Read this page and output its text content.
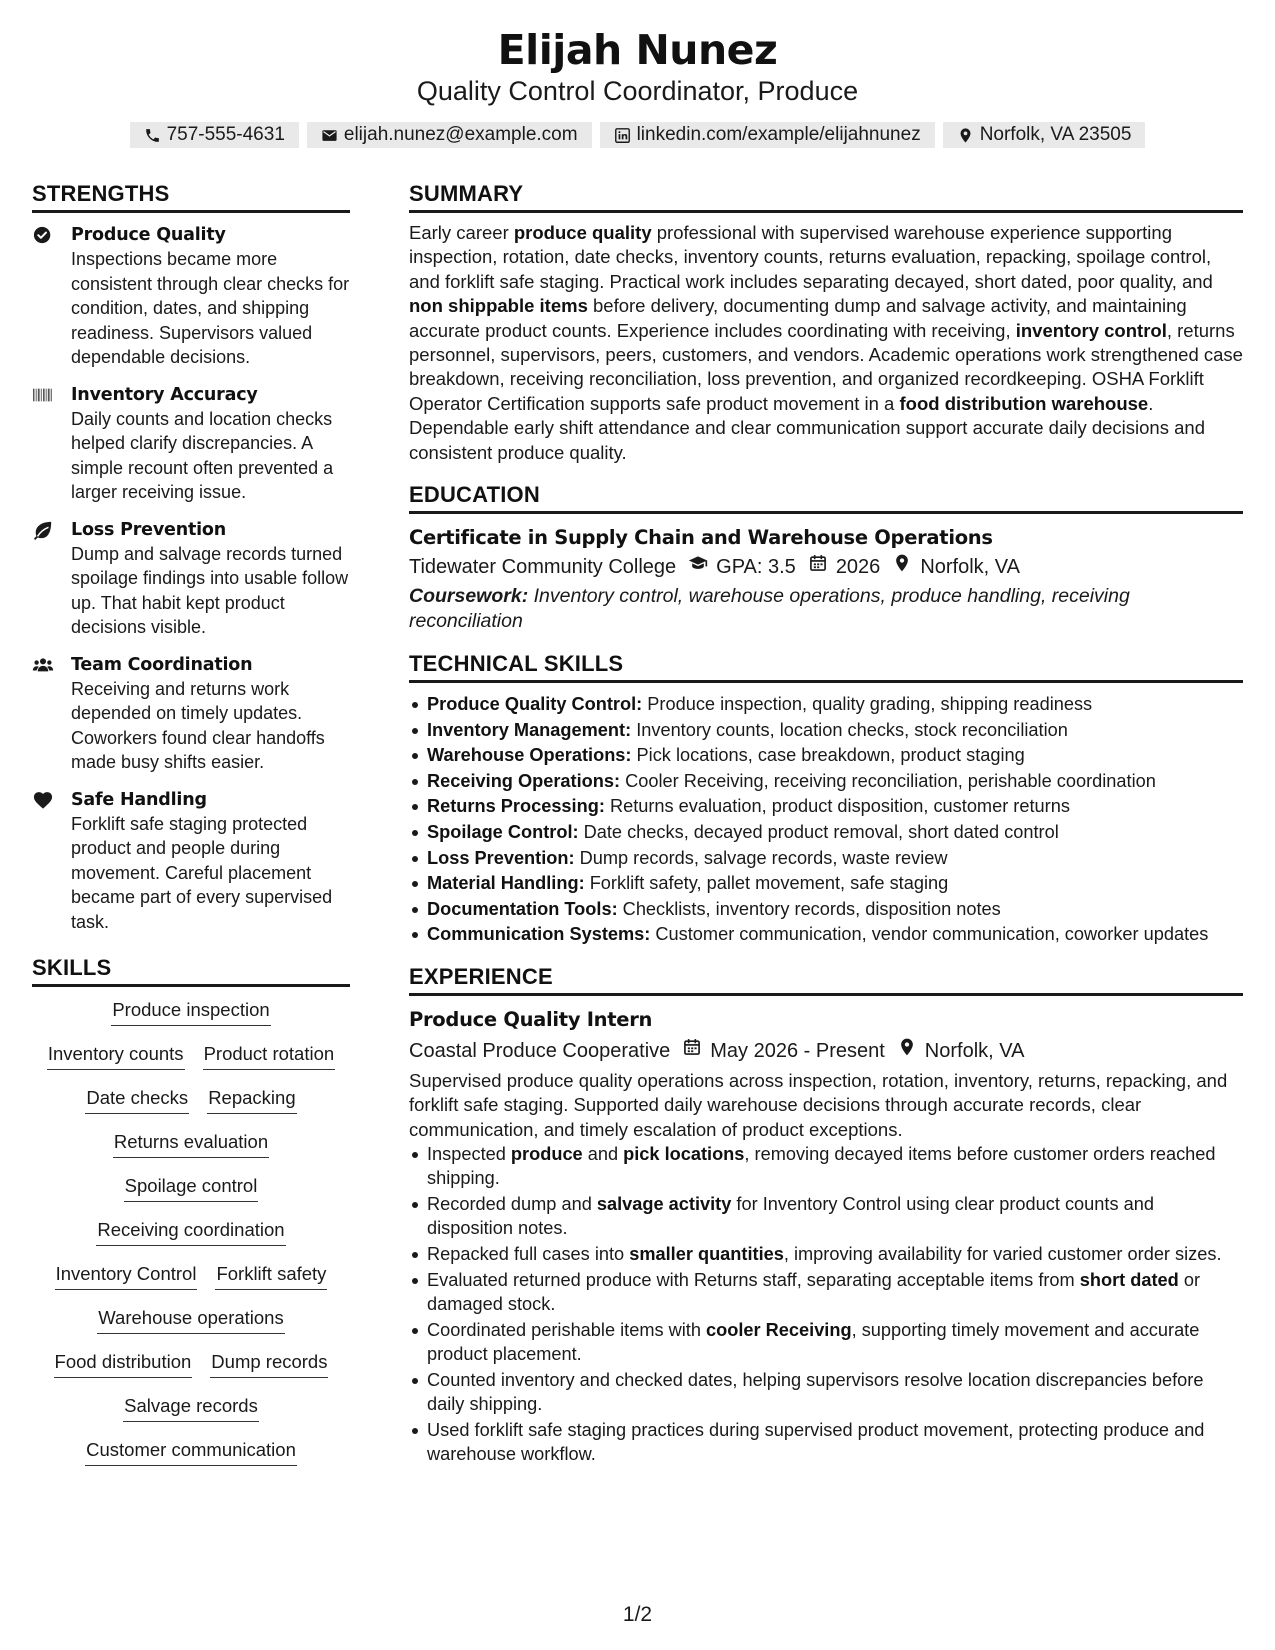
Elijah Nunez
Quality Control Coordinator, Produce
757-555-4631	elijah.nunez@example.com	linkedin.com/example/elijahnunez	Norfolk, VA 23505
STRENGTHS
Produce Quality
Inspections became more consistent through clear checks for condition, dates, and shipping readiness. Supervisors valued dependable decisions.
Inventory Accuracy
Daily counts and location checks helped clarify discrepancies. A simple recount often prevented a larger receiving issue.
Loss Prevention
Dump and salvage records turned spoilage findings into usable follow up. That habit kept product decisions visible.
Team Coordination
Receiving and returns work depended on timely updates. Coworkers found clear handoffs made busy shifts easier.
Safe Handling
Forklift safe staging protected product and people during movement. Careful placement became part of every supervised task.
SKILLS
Produce inspection
Inventory counts Product rotation
Date checks Repacking
Returns evaluation
Spoilage control
Receiving coordination
Inventory Control Forklift safety
Warehouse operations
Food distribution Dump records
Salvage records
Customer communication
SUMMARY
Early career produce quality professional with supervised warehouse experience supporting inspection, rotation, date checks, inventory counts, returns evaluation, repacking, spoilage control, and forklift safe staging. Practical work includes separating decayed, short dated, poor quality, and non shippable items before delivery, documenting dump and salvage activity, and maintaining accurate product counts. Experience includes coordinating with receiving, inventory control, returns personnel, supervisors, peers, customers, and vendors. Academic operations work strengthened case breakdown, receiving reconciliation, loss prevention, and organized recordkeeping. OSHA Forklift Operator Certification supports safe product movement in a food distribution warehouse. Dependable early shift attendance and clear communication support accurate daily decisions and consistent produce quality.
EDUCATION
Certificate in Supply Chain and Warehouse Operations
Tidewater Community College GPA: 3.5 2026 Norfolk, VA
Coursework: Inventory control, warehouse operations, produce handling, receiving reconciliation
TECHNICAL SKILLS
Produce Quality Control: Produce inspection, quality grading, shipping readiness
Inventory Management: Inventory counts, location checks, stock reconciliation
Warehouse Operations: Pick locations, case breakdown, product staging
Receiving Operations: Cooler Receiving, receiving reconciliation, perishable coordination
Returns Processing: Returns evaluation, product disposition, customer returns
Spoilage Control: Date checks, decayed product removal, short dated control
Loss Prevention: Dump records, salvage records, waste review
Material Handling: Forklift safety, pallet movement, safe staging
Documentation Tools: Checklists, inventory records, disposition notes
Communication Systems: Customer communication, vendor communication, coworker updates
EXPERIENCE
Produce Quality Intern
Coastal Produce Cooperative May 2026 - Present Norfolk, VA
Supervised produce quality operations across inspection, rotation, inventory, returns, repacking, and forklift safe staging. Supported daily warehouse decisions through accurate records, clear communication, and timely escalation of product exceptions.
Inspected produce and pick locations, removing decayed items before customer orders reached shipping.
Recorded dump and salvage activity for Inventory Control using clear product counts and disposition notes.
Repacked full cases into smaller quantities, improving availability for varied customer order sizes.
Evaluated returned produce with Returns staff, separating acceptable items from short dated or damaged stock.
Coordinated perishable items with cooler Receiving, supporting timely movement and accurate product placement.
Counted inventory and checked dates, helping supervisors resolve location discrepancies before daily shipping.
Used forklift safe staging practices during supervised product movement, protecting produce and warehouse workflow.
1/2
